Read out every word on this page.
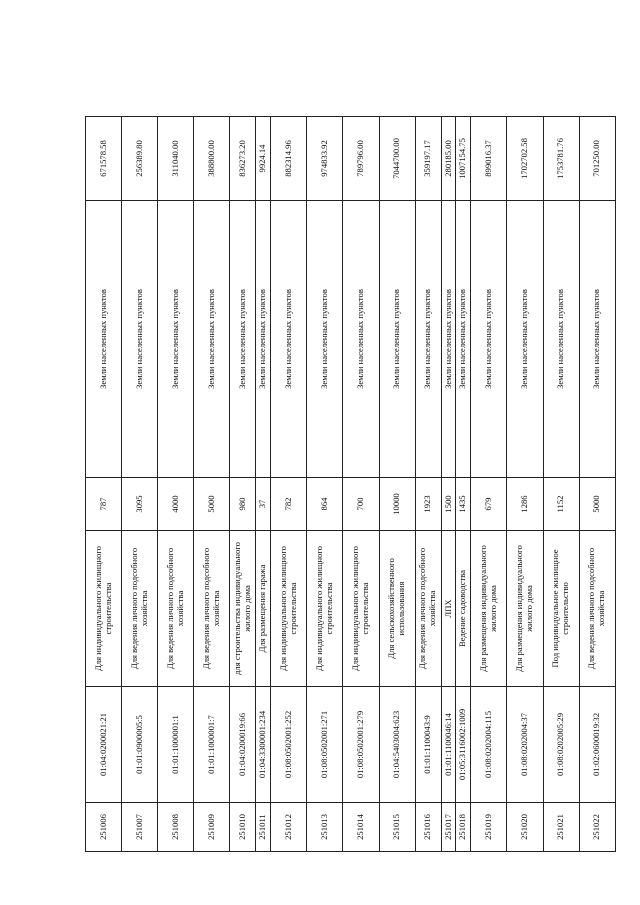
251006	01:04:0200021:21	Для индивидуального жилищного строительства	787	Земли населенных пунктов	671578.58
251007	01:01:0900005:5	Для ведения личного подсобного хозяйства	3095	Земли населенных пунктов	256389.80
251008	01:01:1000001:1	Для ведения личного подсобного хозяйства	4000	Земли населенных пунктов	311040.00
251009	01:01:1000001:7	Для ведения личного подсобного хозяйства	5000	Земли населенных пунктов	388800.00
251010	01:04:0200019:66	для строительства индивидуального жилого дома	980	Земли населенных пунктов	836273.20
251011	01:04:3300001:234	Для размещения гаража	37	Земли населенных пунктов	9924.14
251012	01:08:0502001:252	Для индивидуального жилищного строительства	782	Земли населенных пунктов	882314.96
251013	01:08:0502001:271	Для индивидуального жилищного строительства	864	Земли населенных пунктов	974833.92
251014	01:08:0502001:279	Для индивидуального жилищного строительства	700	Земли населенных пунктов	789796.00
251015	01:04:5403004:623	Для сельскохозяйственного использования	10000	Земли населенных пунктов	7044700.00
251016	01:01:1100043:9	Для ведения личного подсобного хозяйства	1923	Земли населенных пунктов	359197.17
251017	01:01:1100046:14	ЛПХ	1500	Земли населенных пунктов	280185.00
251018	01:05:3116002:1009	Ведение садоводства	1435	Земли населенных пунктов	1007154.75
251019	01:08:0202004:115	Для размещения индивидуального жилого дома	679	Земли населенных пунктов	899016.37
251020	01:08:0202004:37	Для размещения индивидуального жилого дома	1286	Земли населенных пунктов	1702702.58
251021	01:08:0202005:29	Под индивидуальное жилищное строительство	1152	Земли населенных пунктов	1753781.76
251022	01:02:0600019:32	Для ведения личного подсобного хозяйства	5000	Земли населенных пунктов	701250.00
